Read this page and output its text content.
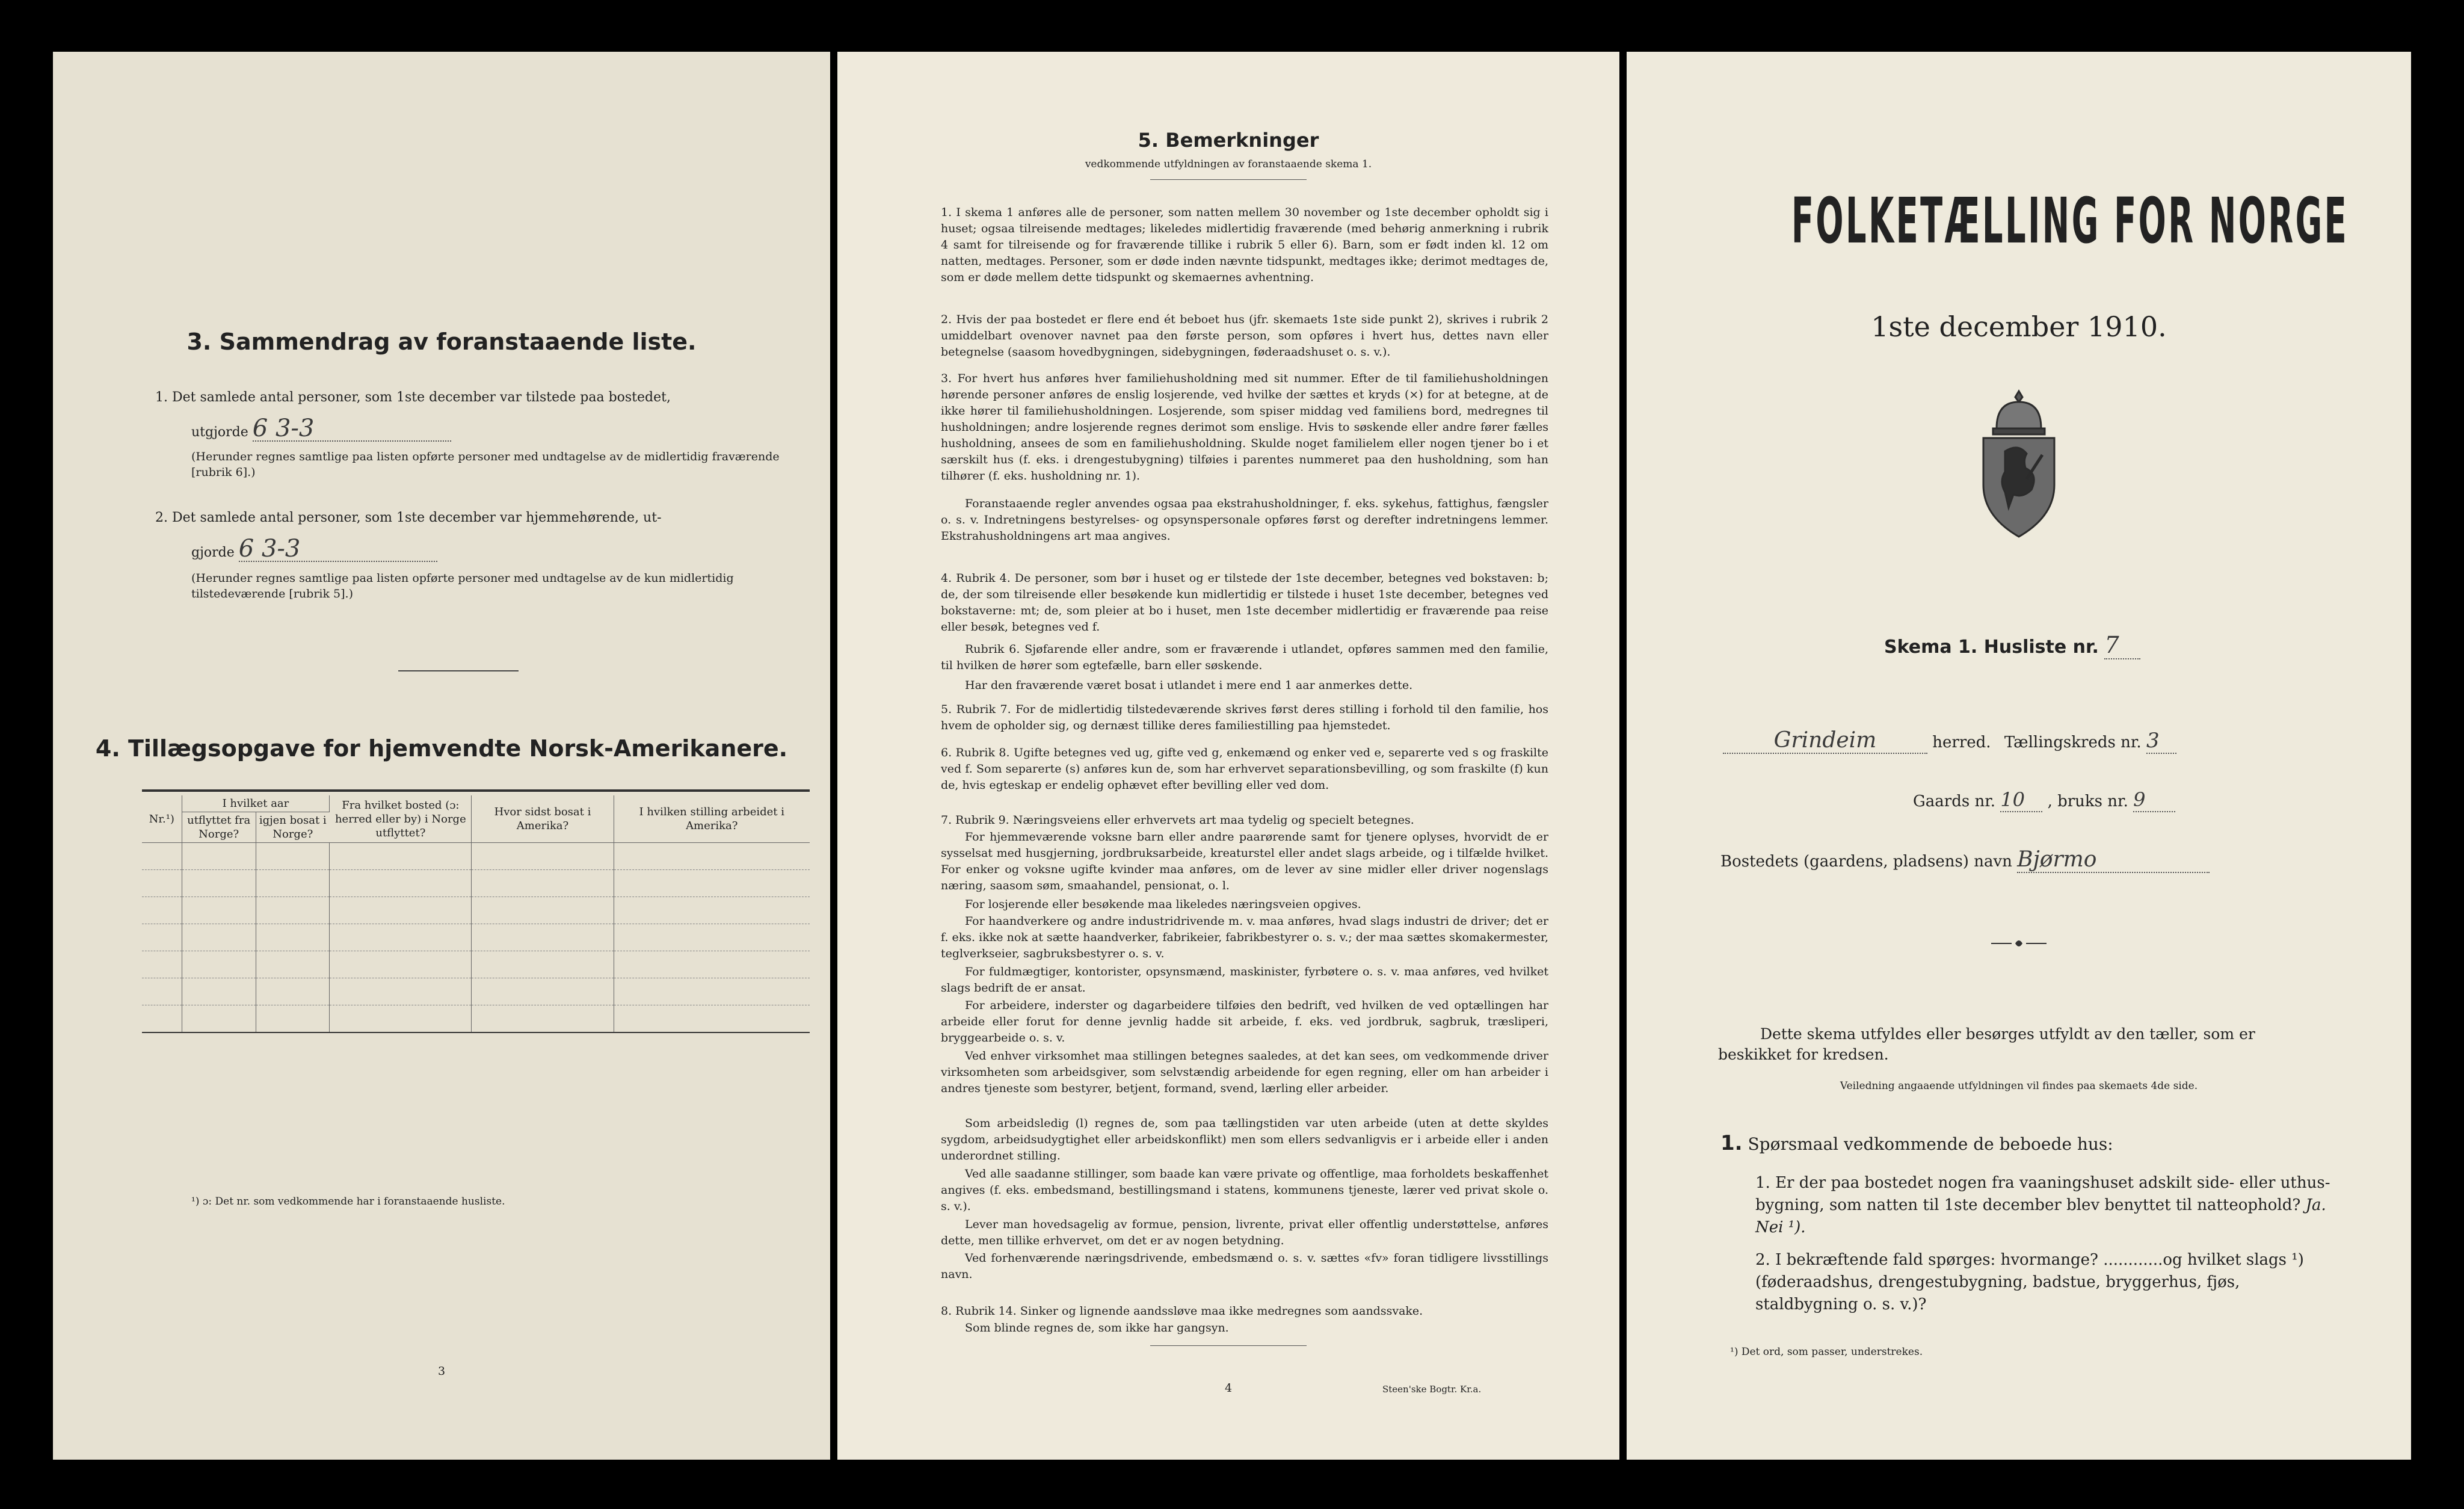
3. Sammendrag av foranstaaende liste.
1. Det samlede antal personer, som 1ste december var tilstede paa bostedet,
utgjorde 6 3-3
(Herunder regnes samtlige paa listen opførte personer med undtagelse av de midlertidig fraværende [rubrik 6].)
2. Det samlede antal personer, som 1ste december var hjemmehørende, ut-
gjorde 6 3-3
(Herunder regnes samtlige paa listen opførte personer med undtagelse av de kun midlertidig tilstedeværende [rubrik 5].)
4. Tillægsopgave for hjemvendte Norsk-Amerikanere.
Nr.¹)	I hvilket aar		Fra hvilket bosted (ɔ: herred eller by) i Norge utflyttet?	Hvor sidst bosat i Amerika?	I hvilken stilling arbeidet i Amerika?
	utflyttet fra Norge?	igjen bosat i Norge?			

¹) ɔ: Det nr. som vedkommende har i foranstaaende husliste.
3
5. Bemerkninger
vedkommende utfyldningen av foranstaaende skema 1.
1. I skema 1 anføres alle de personer, som natten mellem 30 november og 1ste december opholdt sig i huset; ogsaa tilreisende medtages; likeledes midlertidig fraværende (med behørig anmerkning i rubrik 4 samt for tilreisende og for fraværende tillike i rubrik 5 eller 6). Barn, som er født inden kl. 12 om natten, medtages. Personer, som er døde inden nævnte tidspunkt, medtages ikke; derimot medtages de, som er døde mellem dette tidspunkt og skemaernes avhentning.
2. Hvis der paa bostedet er flere end ét beboet hus (jfr. skemaets 1ste side punkt 2), skrives i rubrik 2 umiddelbart ovenover navnet paa den første person, som opføres i hvert hus, dettes navn eller betegnelse (saasom hovedbygningen, sidebygningen, føderaadshuset o. s. v.).
3. For hvert hus anføres hver familiehusholdning med sit nummer. Efter de til familiehusholdningen hørende personer anføres de enslig losjerende, ved hvilke der sættes et kryds (×) for at betegne, at de ikke hører til familiehusholdningen. Losjerende, som spiser middag ved familiens bord, medregnes til husholdningen; andre losjerende regnes derimot som enslige. Hvis to søskende eller andre fører fælles husholdning, ansees de som en familiehusholdning. Skulde noget familielem eller nogen tjener bo i et særskilt hus (f. eks. i drengestubygning) tilføies i parentes nummeret paa den husholdning, som han tilhører (f. eks. husholdning nr. 1).
Foranstaaende regler anvendes ogsaa paa ekstrahusholdninger, f. eks. sykehus, fattighus, fængsler o. s. v. Indretningens bestyrelses- og opsynspersonale opføres først og derefter indretningens lemmer. Ekstrahusholdningens art maa angives.
4. Rubrik 4. De personer, som bør i huset og er tilstede der 1ste december, betegnes ved bokstaven: b; de, der som tilreisende eller besøkende kun midlertidig er tilstede i huset 1ste december, betegnes ved bokstaverne: mt; de, som pleier at bo i huset, men 1ste december midlertidig er fraværende paa reise eller besøk, betegnes ved f.
Rubrik 6. Sjøfarende eller andre, som er fraværende i utlandet, opføres sammen med den familie, til hvilken de hører som egtefælle, barn eller søskende.
Har den fraværende været bosat i utlandet i mere end 1 aar anmerkes dette.
5. Rubrik 7. For de midlertidig tilstedeværende skrives først deres stilling i forhold til den familie, hos hvem de opholder sig, og dernæst tillike deres familiestilling paa hjemstedet.
6. Rubrik 8. Ugifte betegnes ved ug, gifte ved g, enkemænd og enker ved e, separerte ved s og fraskilte ved f. Som separerte (s) anføres kun de, som har erhvervet separationsbevilling, og som fraskilte (f) kun de, hvis egteskap er endelig ophævet efter bevilling eller ved dom.
7. Rubrik 9. Næringsveiens eller erhvervets art maa tydelig og specielt betegnes.
For hjemmeværende voksne barn eller andre paarørende samt for tjenere oplyses, hvorvidt de er sysselsat med husgjerning, jordbruksarbeide, kreaturstel eller andet slags arbeide, og i tilfælde hvilket. For enker og voksne ugifte kvinder maa anføres, om de lever av sine midler eller driver nogenslags næring, saasom søm, smaahandel, pensionat, o. l.
For losjerende eller besøkende maa likeledes næringsveien opgives.
For haandverkere og andre industridrivende m. v. maa anføres, hvad slags industri de driver; det er f. eks. ikke nok at sætte haandverker, fabrikeier, fabrikbestyrer o. s. v.; der maa sættes skomakermester, teglverkseier, sagbruksbestyrer o. s. v.
For fuldmægtiger, kontorister, opsynsmænd, maskinister, fyrbøtere o. s. v. maa anføres, ved hvilket slags bedrift de er ansat.
For arbeidere, inderster og dagarbeidere tilføies den bedrift, ved hvilken de ved optællingen har arbeide eller forut for denne jevnlig hadde sit arbeide, f. eks. ved jordbruk, sagbruk, træsliperi, bryggearbeide o. s. v.
Ved enhver virksomhet maa stillingen betegnes saaledes, at det kan sees, om vedkommende driver virksomheten som arbeidsgiver, som selvstændig arbeidende for egen regning, eller om han arbeider i andres tjeneste som bestyrer, betjent, formand, svend, lærling eller arbeider.
Som arbeidsledig (l) regnes de, som paa tællingstiden var uten arbeide (uten at dette skyldes sygdom, arbeidsudygtighet eller arbeidskonflikt) men som ellers sedvanligvis er i arbeide eller i anden underordnet stilling.
Ved alle saadanne stillinger, som baade kan være private og offentlige, maa forholdets beskaffenhet angives (f. eks. embedsmand, bestillingsmand i statens, kommunens tjeneste, lærer ved privat skole o. s. v.).
Lever man hovedsagelig av formue, pension, livrente, privat eller offentlig understøttelse, anføres dette, men tillike erhvervet, om det er av nogen betydning.
Ved forhenværende næringsdrivende, embedsmænd o. s. v. sættes «fv» foran tidligere livsstillings navn.
8. Rubrik 14. Sinker og lignende aandssløve maa ikke medregnes som aandssvake.
Som blinde regnes de, som ikke har gangsyn.
4	Steen'ske Bogtr. Kr.a.
FOLKETÆLLING FOR NORGE
1ste december 1910.
Skema 1. Husliste nr. 7
Grindeim	herred. Tællingskreds nr. 3
Gaards nr. 10 , bruks nr. 9
Bostedets (gaardens, pladsens) navn Bjørmo
Dette skema utfyldes eller besørges utfyldt av den tæller, som er beskikket for kredsen.
Veiledning angaaende utfyldningen vil findes paa skemaets 4de side.
1. Spørsmaal vedkommende de beboede hus:
1. Er der paa bostedet nogen fra vaaningshuset adskilt side- eller uthus-bygning, som natten til 1ste december blev benyttet til natteophold? Ja. Nei ¹).
2. I bekræftende fald spørges: hvormange? ............og hvilket slags ¹) (føderaadshus, drengestubygning, badstue, bryggerhus, fjøs, staldbygning o. s. v.)?
¹) Det ord, som passer, understrekes.
